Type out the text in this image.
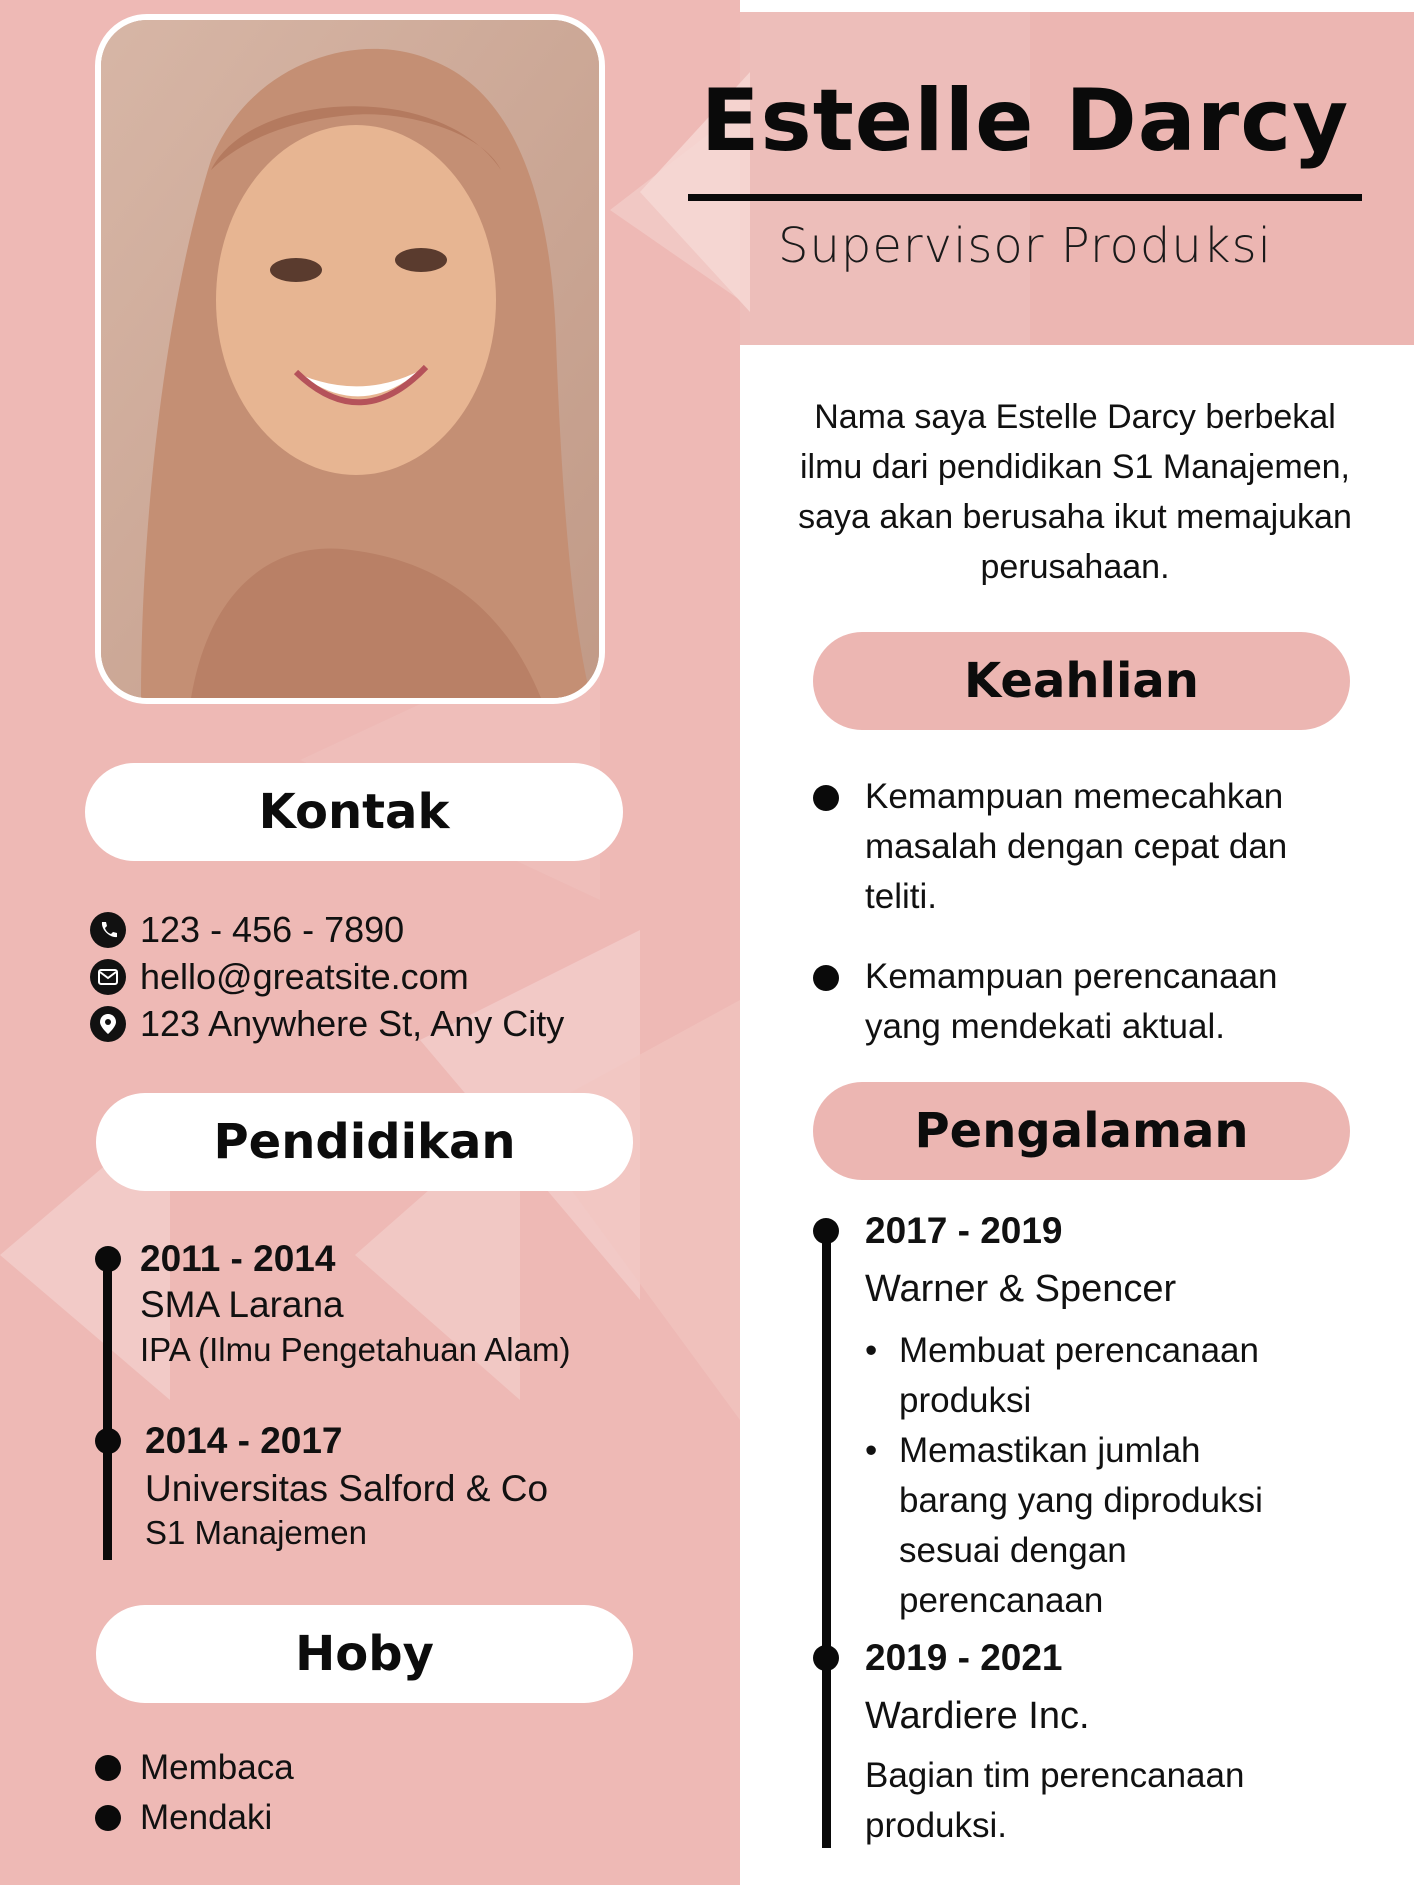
Kontak
123 - 456 - 7890
hello@greatsite.com
123 Anywhere St, Any City
Pendidikan
2011 - 2014
SMA Larana
IPA (Ilmu Pengetahuan Alam)
2014 - 2017
Universitas Salford & Co
S1 Manajemen
Hoby
Membaca
Mendaki
Estelle Darcy
Supervisor Produksi
Nama saya Estelle Darcy berbekal ilmu dari pendidikan S1 Manajemen, saya akan berusaha ikut memajukan perusahaan.
Keahlian
Kemampuan memecahkan masalah dengan cepat dan teliti.
Kemampuan perencanaan yang mendekati aktual.
Pengalaman
2017 - 2019
Warner & Spencer
• Membuat perencanaan produksi
• Memastikan jumlah barang yang diproduksi sesuai dengan perencanaan
2019 - 2021
Wardiere Inc.
Bagian tim perencanaan produksi.
